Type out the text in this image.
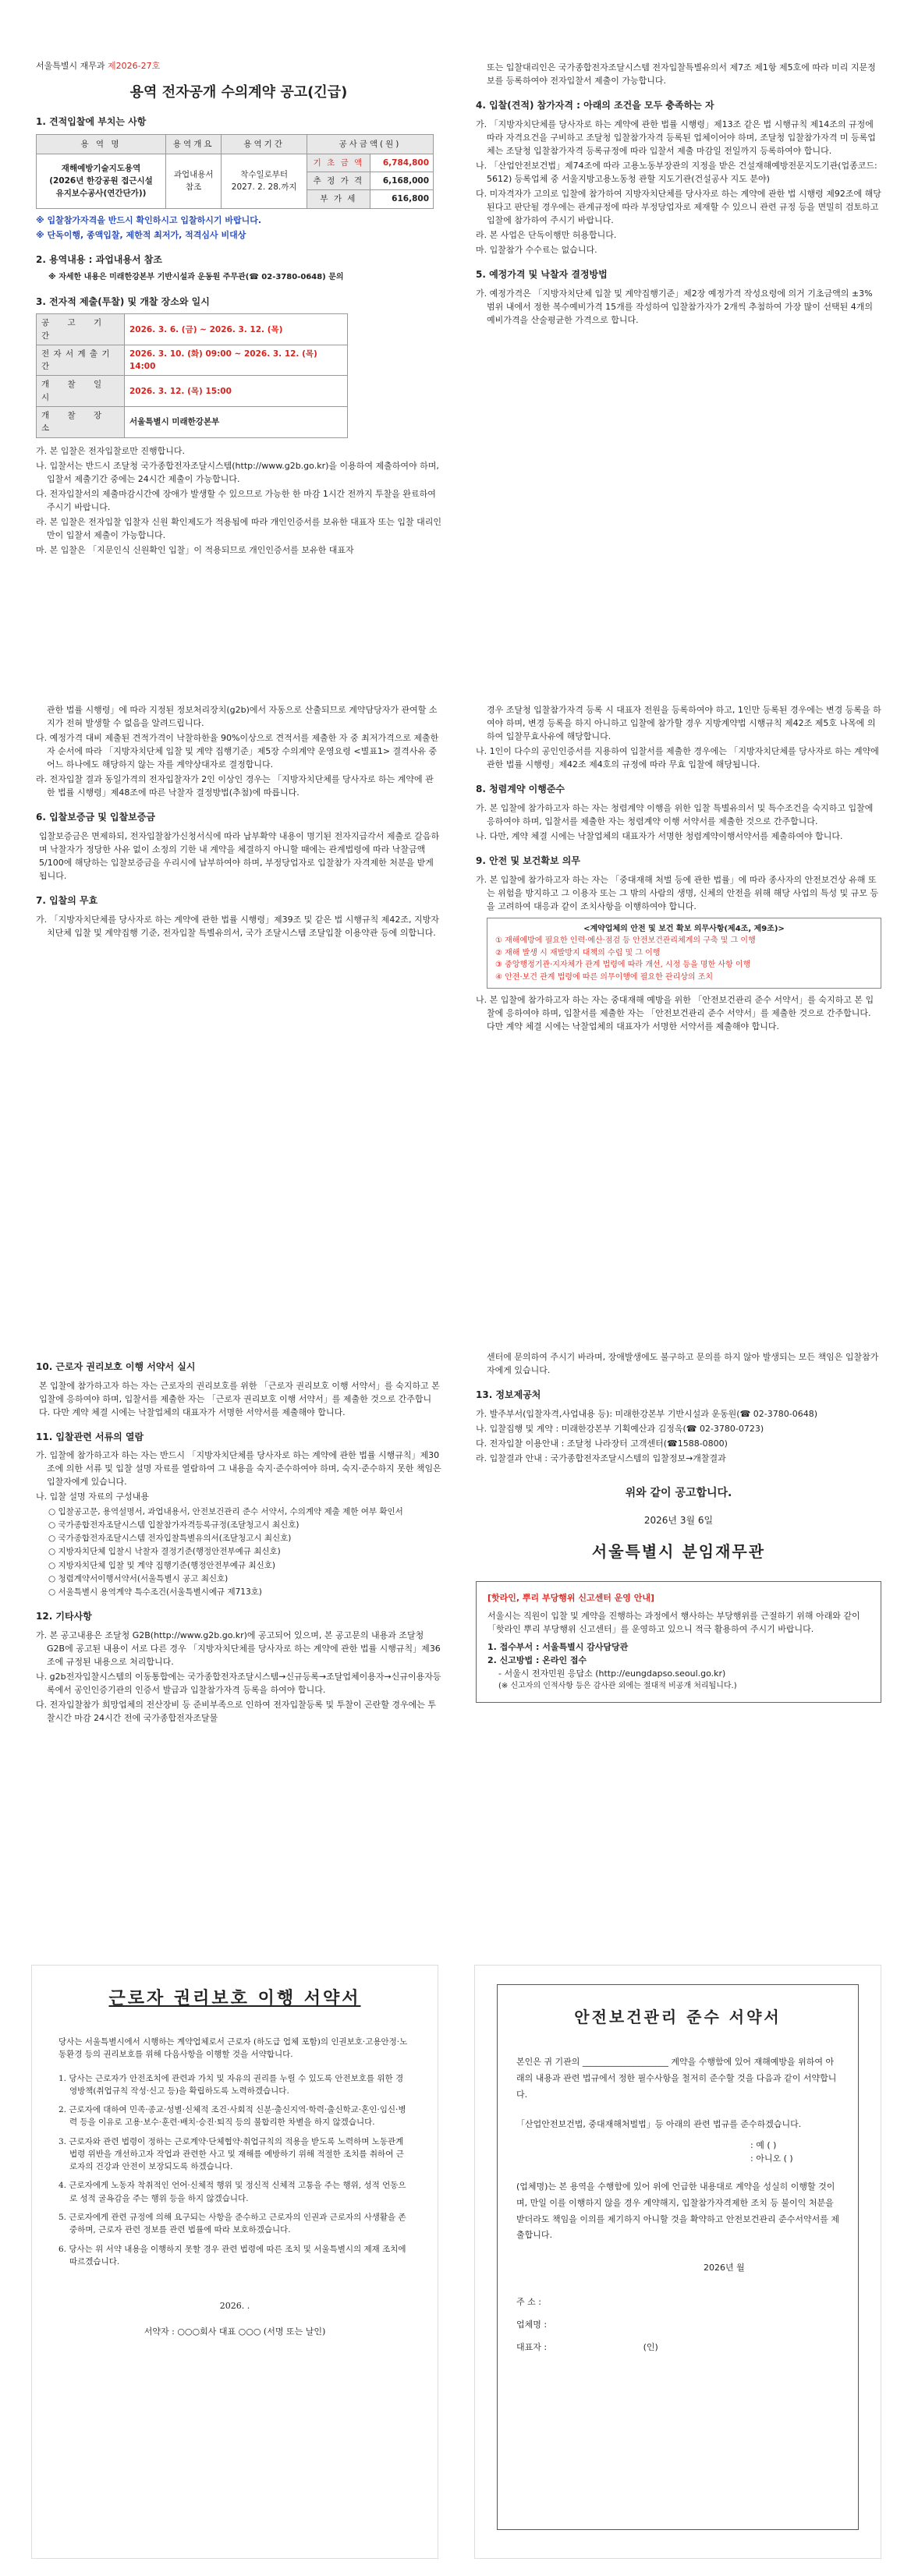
서울특별시 재무과 제2026-27호
용역 전자공개 수의계약 공고(긴급)
1. 견적입찰에 부치는 사항
용 역 명	용역개요	용역기간	공사금액(원)	
재해예방기술지도용역
(2026년 한강공원 접근시설
유지보수공사(연간단가))	과업내용서
참조	착수일로부터
2027. 2. 28.까지	기 초 금 액	6,784,800
			추 정 가 격	6,168,000
			부 가 세	616,800
※ 입찰참가자격을 반드시 확인하시고 입찰하시기 바랍니다.
※ 단독이행, 종액입찰, 제한적 최저가, 적격심사 비대상
2. 용역내용 : 과업내용서 참조
※ 자세한 내용은 미래한강본부 기반시설과 운동원 주무관(☎ 02-3780-0648) 문의
3. 전자적 제출(투찰) 및 개찰 장소와 일시
공 고 기 간	2026. 3. 6. (금) ~ 2026. 3. 12. (목)
전 자 서 계 출 기 간	2026. 3. 10. (화) 09:00 ~ 2026. 3. 12. (목) 14:00
개 찰 일 시	2026. 3. 12. (목) 15:00
개 찰 장 소	서울특별시 미래한강본부
가. 본 입찰은 전자입찰로만 진행합니다.
나. 입찰서는 반드시 조달청 국가종합전자조달시스템(http://www.g2b.go.kr)을 이용하여 제출하여야 하며, 입찰서 제출기간 중에는 24시간 제출이 가능합니다.
다. 전자입찰서의 제출마감시간에 장애가 발생할 수 있으므로 가능한 한 마감 1시간 전까지 투찰을 완료하여 주시기 바랍니다.
라. 본 입찰은 전자입찰 입찰자 신원 확인제도가 적용됨에 따라 개인인증서를 보유한 대표자 또는 입찰 대리인만이 입찰서 제출이 가능합니다.
마. 본 입찰은 「지문인식 신원확인 입찰」이 적용되므로 개인인증서를 보유한 대표자
또는 입찰대리인은 국가종합전자조달시스템 전자입찰특별유의서 제7조 제1항 제5호에 따라 미리 지문정보를 등록하여야 전자입찰서 제출이 가능합니다.
4. 입찰(견적) 참가자격 : 아래의 조건을 모두 충족하는 자
가. 「지방자치단체를 당사자로 하는 계약에 관한 법률 시행령」제13조 같은 법 시행규칙 제14조의 규정에 따라 자격요건을 구비하고 조달청 입찰참가자격 등록된 업체이어야 하며, 조달청 입찰참가자격 미 등록업체는 조달청 입찰참가자격 등록규정에 따라 입찰서 제출 마감일 전일까지 등록하여야 합니다.
나. 「산업안전보건법」제74조에 따라 고용노동부장관의 지정을 받은 건설재해예방전문지도기관(업종코드: 5612) 등록업체 중 서울지방고용노동청 관할 지도기관(건설공사 지도 분야)
다. 미자격자가 고의로 입찰에 참가하여 지방자치단체를 당사자로 하는 계약에 관한 법 시행령 제92조에 해당된다고 판단될 경우에는 관계규정에 따라 부정당업자로 제재할 수 있으니 관련 규정 등을 면밀히 검토하고 입찰에 참가하여 주시기 바랍니다.
라. 본 사업은 단독이행만 허용합니다.
마. 입찰참가 수수료는 없습니다.
5. 예정가격 및 낙찰자 결정방법
가. 예정가격은 「지방자치단체 입찰 및 계약집행기준」제2장 예정가격 작성요령에 의거 기초금액의 ±3% 범위 내에서 정한 복수예비가격 15개를 작성하여 입찰참가자가 2개씩 추첨하여 가장 많이 선택된 4개의 예비가격을 산술평균한 가격으로 합니다.
관한 법률 시행령」에 따라 지정된 정보처리장치(g2b)에서 자동으로 산출되므로 계약담당자가 관여할 소지가 전혀 발생할 수 없음을 알려드립니다.
다. 예정가격 대비 제출된 견적가격이 낙찰하한율 90%이상으로 견적서를 제출한 자 중 최저가격으로 제출한 자 순서에 따라 「지방자치단체 입찰 및 계약 집행기준」제5장 수의계약 운영요령 <별표1> 결격사유 중 어느 하나에도 해당하지 않는 자를 계약상대자로 결정합니다.
라. 전자입찰 결과 동일가격의 전자입찰자가 2인 이상인 경우는 「지방자치단체를 당사자로 하는 계약에 관한 법률 시행령」제48조에 따른 낙찰자 결정방법(추첨)에 따릅니다.
6. 입찰보증금 및 입찰보증금
입찰보증금은 면제하되, 전자입찰참가신청서식에 따라 납부확약 내용이 명기된 전자지급각서 제출로 갈음하며 낙찰자가 정당한 사유 없이 소정의 기한 내 계약을 체결하지 아니할 때에는 관계법령에 따라 낙찰금액 5/100에 해당하는 입찰보증금을 우리시에 납부하여야 하며, 부정당업자로 입찰참가 자격제한 처분을 받게 됩니다.
7. 입찰의 무효
가. 「지방자치단체를 당사자로 하는 계약에 관한 법률 시행령」제39조 및 같은 법 시행규칙 제42조, 지방자치단체 입찰 및 계약집행 기준, 전자입찰 특별유의서, 국가 조달시스템 조달입찰 이용약관 등에 의합니다.
경우 조달청 입찰참가자격 등록 시 대표자 전원을 등록하여야 하고, 1인만 등록된 경우에는 변경 등록을 하여야 하며, 변경 등록을 하지 아니하고 입찰에 참가할 경우 지방계약법 시행규칙 제42조 제5호 나목에 의하여 입찰무효사유에 해당합니다.
나. 1인이 다수의 공인인증서를 지용하여 입찰서를 제출한 경우에는 「지방자치단체를 당사자로 하는 계약에 관한 법률 시행령」제42조 제4호의 규정에 따라 무효 입찰에 해당됩니다.
8. 청렴계약 이행준수
가. 본 입찰에 참가하고자 하는 자는 청렴계약 이행을 위한 입찰 특별유의서 및 특수조건을 숙지하고 입찰에 응하여야 하며, 입찰서를 제출한 자는 청렴계약 이행 서약서를 제출한 것으로 간주합니다.
나. 다만, 계약 체결 시에는 낙찰업체의 대표자가 서명한 청렴계약이행서약서를 제출하여야 합니다.
9. 안전 및 보건확보 의무
가. 본 입찰에 참가하고자 하는 자는 「중대재해 처벌 등에 관한 법률」에 따라 종사자의 안전보건상 유해 또는 위험을 방지하고 그 이용자 또는 그 밖의 사람의 생명, 신체의 안전을 위해 해당 사업의 특성 및 규모 등을 고려하여 대응과 같이 조치사항을 이행하여야 합니다.
<계약업체의 안전 및 보건 확보 의무사항(제4조, 제9조)>
① 재해예방에 필요한 인력·예산·점검 등 안전보건관리체계의 구축 및 그 이행
② 재해 발생 시 재발방지 대책의 수립 및 그 이행
③ 중앙행정기관·지자체가 관계 법령에 따라 개선, 시정 등을 명한 사항 이행
④ 안전·보건 관계 법령에 따른 의무이행에 필요한 관리상의 조치
나. 본 입찰에 참가하고자 하는 자는 중대재해 예방을 위한 「안전보건관리 준수 서약서」를 숙지하고 본 입찰에 응하여야 하며, 입찰서를 제출한 자는 「안전보건관리 준수 서약서」를 제출한 것으로 간주합니다. 다만 계약 체결 시에는 낙찰업체의 대표자가 서명한 서약서를 제출해야 합니다.
10. 근로자 권리보호 이행 서약서 실시
본 입찰에 참가하고자 하는 자는 근로자의 권리보호를 위한 「근로자 권리보호 이행 서약서」를 숙지하고 본 입찰에 응하여야 하며, 입찰서를 제출한 자는 「근로자 권리보호 이행 서약서」를 제출한 것으로 간주합니다. 다만 계약 체결 시에는 낙찰업체의 대표자가 서명한 서약서를 제출해야 합니다.
11. 입찰관련 서류의 열람
가. 입찰에 참가하고자 하는 자는 반드시 「지방자치단체를 당사자로 하는 계약에 관한 법률 시행규칙」제30조에 의한 서류 및 입찰 설명 자료를 열람하여 그 내용을 숙지·준수하여야 하며, 숙지·준수하지 못한 책임은 입찰자에게 있습니다.
나. 입찰 설명 자료의 구성내용
○ 입찰공고문, 용역설명서, 과업내용서, 안전보건관리 준수 서약서, 수의계약 제출 제한 여부 확인서
○ 국가종합전자조달시스템 입찰참가자격등록규정(조달청고시 최신호)
○ 국가종합전자조달시스템 전자입찰특별유의서(조달청고시 최신호)
○ 지방자치단체 입찰시 낙찰자 결정기준(행정안전부예규 최신호)
○ 지방자치단체 입찰 및 계약 집행기준(행정안전부예규 최신호)
○ 청렴계약서이행서약서(서울특별시 공고 최신호)
○ 서울특별시 용역계약 특수조건(서울특별시예규 제713호)
12. 기타사항
가. 본 공고내용은 조달청 G2B(http://www.g2b.go.kr)에 공고되어 있으며, 본 공고문의 내용과 조달청G2B에 공고된 내용이 서로 다른 경우 「지방자치단체를 당사자로 하는 계약에 관한 법률 시행규칙」제36조에 규정된 내용으로 처리합니다.
나. g2b전자입찰시스템의 이동통합에는 국가종합전자조달시스템→신규등록→조달업체이용자→신규이용자등록에서 공인인증기관의 인증서 발급과 입찰참가자격 등록을 하여야 합니다.
다. 전자입찰참가 희망업체의 전산장비 등 준비부족으로 인하여 전자입찰등록 및 투찰이 곤란할 경우에는 투찰시간 마감 24시간 전에 국가종합전자조달물
센터에 문의하여 주시기 바라며, 장애발생에도 불구하고 문의를 하지 않아 발생되는 모든 책임은 입찰참가자에게 있습니다.
13. 정보제공처
가. 발주부서(입찰자격,사업내용 등): 미래한강본부 기반시설과 운동원(☎ 02-3780-0648)
나. 입찰집행 및 계약 : 미래한강본부 기획예산과 김정옥(☎ 02-3780-0723)
다. 전자입찰 이용안내 : 조달청 나라장터 고객센터(☎1588-0800)
라. 입찰결과 안내 : 국가종합전자조달시스템의 입찰정보→개찰결과
위와 같이 공고합니다.
2026년 3월 6일
서울특별시 분임재무관
[핫라인, 뿌리 부당행위 신고센터 운영 안내]
서울시는 직원이 입찰 및 계약을 진행하는 과정에서 행사하는 부당행위를 근절하기 위해 아래와 같이 「핫라인 뿌리 부당행위 신고센터」를 운영하고 있으니 적극 활용하여 주시기 바랍니다.
1. 접수부서 : 서울특별시 감사담당관
2. 신고방법 : 온라인 접수
- 서울시 전자민원 응답소 (http://eungdapso.seoul.go.kr)
(※ 신고자의 인적사항 등은 감사관 외에는 절대적 비공개 처리됩니다.)
근로자 권리보호 이행 서약서
당사는 서울특별시에서 시행하는 계약업체로서 근로자 (하도급 업체 포함)의 인권보호·고용안정·노동환경 등의 권리보호를 위해 다음사항을 이행할 것을 서약합니다.
1. 당사는 근로자가 안전조치에 관련과 가치 및 자유의 권리를 누릴 수 있도록 안전보호를 위한 경영방책(취업규칙 작성·신고 등)을 확립하도록 노력하겠습니다.
2. 근로자에 대하여 민족·종교·성별·신체적 조건·사회적 신분·출신지역·학력·출신학교·혼인·임신·병력 등을 이유로 고용·보수·훈련·배치·승진·퇴직 등의 불합리한 차별을 하지 않겠습니다.
3. 근로자와 관련 법령이 정하는 근로계약·단체협약·취업규칙의 적용을 받도록 노력하며 노동관계 법령 위반을 개선하고자 작업과 관련한 사고 및 재해를 예방하기 위해 적절한 조치를 취하여 근로자의 건강과 안전이 보장되도록 하겠습니다.
4. 근로자에게 노동자 착취적인 언어·신체적 행위 및 정신적 신체적 고통을 주는 행위, 성적 언동으로 성적 굴욕감을 주는 행위 등을 하지 않겠습니다.
5. 근로자에게 관련 규정에 의해 요구되는 사항을 준수하고 근로자의 인권과 근로자의 사생활을 존중하며, 근로자 관련 정보를 관련 법률에 따라 보호하겠습니다.
6. 당사는 위 서약 내용을 이행하지 못할 경우 관련 법령에 따른 조치 및 서울특별시의 제재 조치에 따르겠습니다.
2026. .
서약자 : ○○○회사 대표 ○○○ (서명 또는 날인)
안전보건관리 준수 서약서
본인은 귀 기관의 ____________________ 계약을 수행함에 있어 재해예방을 위하여 아래의 내용과 관련 법규에서 정한 필수사항을 철저히 준수할 것을 다음과 같이 서약합니다.
「산업안전보건법, 중대재해처벌법」등 아래의 관련 법규를 준수하겠습니다.
: 예 ( )
: 아니오 ( )
(업체명)는 본 용역을 수행함에 있어 위에 언급한 내용대로 계약을 성실히 이행할 것이며, 만일 이를 이행하지 않을 경우 계약해지, 입찰참가자격제한 조치 등 불이익 처분을 받더라도 책임을 이의를 제기하지 아니할 것을 확약하고 안전보건관리 준수서약서를 제출합니다.
2026년 월
주 소 :
업체명 :
대표자 :	(인)
